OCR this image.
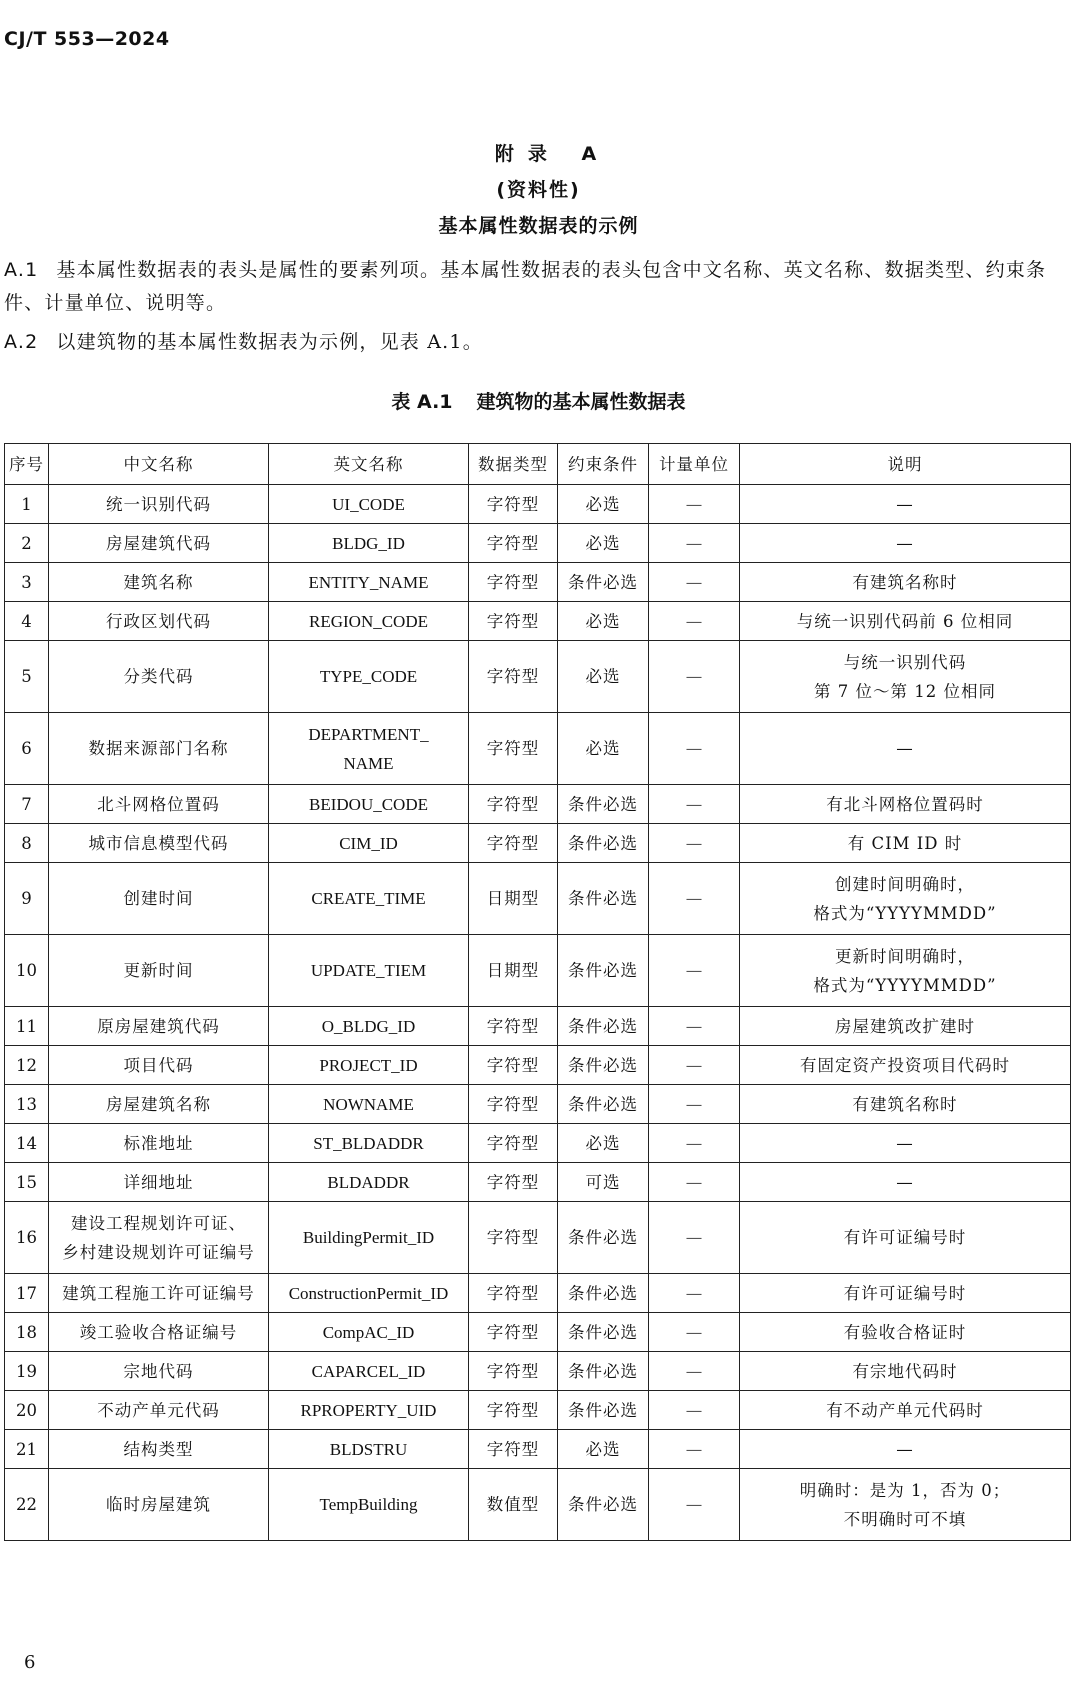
CJ/T 553—2024
附录 A
(资料性)
基本属性数据表的示例
A.1 基本属性数据表的表头是属性的要素列项。基本属性数据表的表头包含中文名称、英文名称、数据类型、约束条件、计量单位、说明等。
A.2 以建筑物的基本属性数据表为示例，见表 A.1。
表 A.1 建筑物的基本属性数据表
序号	中文名称	英文名称	数据类型	约束条件	计量单位	说明
1	统一识别代码	UI_CODE	字符型	必选	—	—
2	房屋建筑代码	BLDG_ID	字符型	必选	—	—
3	建筑名称	ENTITY_NAME	字符型	条件必选	—	有建筑名称时
4	行政区划代码	REGION_CODE	字符型	必选	—	与统一识别代码前 6 位相同
5	分类代码	TYPE_CODE	字符型	必选	—	与统一识别代码
第 7 位～第 12 位相同
6	数据来源部门名称	DEPARTMENT_
NAME	字符型	必选	—	—
7	北斗网格位置码	BEIDOU_CODE	字符型	条件必选	—	有北斗网格位置码时
8	城市信息模型代码	CIM_ID	字符型	条件必选	—	有 CIM ID 时
9	创建时间	CREATE_TIME	日期型	条件必选	—	创建时间明确时，
格式为“YYYYMMDD”
10	更新时间	UPDATE_TIEM	日期型	条件必选	—	更新时间明确时，
格式为“YYYYMMDD”
11	原房屋建筑代码	O_BLDG_ID	字符型	条件必选	—	房屋建筑改扩建时
12	项目代码	PROJECT_ID	字符型	条件必选	—	有固定资产投资项目代码时
13	房屋建筑名称	NOWNAME	字符型	条件必选	—	有建筑名称时
14	标准地址	ST_BLDADDR	字符型	必选	—	—
15	详细地址	BLDADDR	字符型	可选	—	—
16	建设工程规划许可证、
乡村建设规划许可证编号	BuildingPermit_ID	字符型	条件必选	—	有许可证编号时
17	建筑工程施工许可证编号	ConstructionPermit_ID	字符型	条件必选	—	有许可证编号时
18	竣工验收合格证编号	CompAC_ID	字符型	条件必选	—	有验收合格证时
19	宗地代码	CAPARCEL_ID	字符型	条件必选	—	有宗地代码时
20	不动产单元代码	RPROPERTY_UID	字符型	条件必选	—	有不动产单元代码时
21	结构类型	BLDSTRU	字符型	必选	—	—
22	临时房屋建筑	TempBuilding	数值型	条件必选	—	明确时：是为 1，否为 0；
不明确时可不填
6
